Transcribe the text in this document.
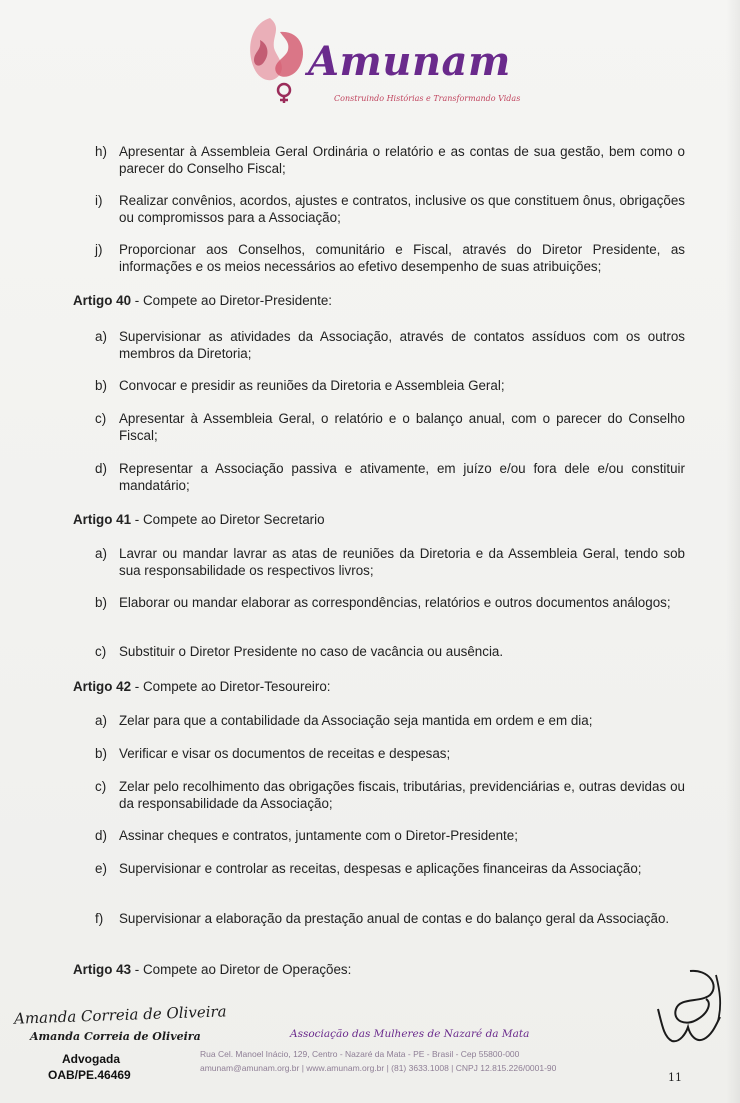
Amunam
Construindo Histórias e Transformando Vidas
h) Apresentar à Assembleia Geral Ordinária o relatório e as contas de sua gestão, bem como o parecer do Conselho Fiscal;
i)	Realizar convênios, acordos, ajustes e contratos, inclusive os que constituem ônus, obrigações ou compromissos para a Associação;
j)	Proporcionar aos Conselhos, comunitário e Fiscal, através do Diretor Presidente, as informações e os meios necessários ao efetivo desempenho de suas atribuições;
Artigo 40 - Compete ao Diretor-Presidente:
a) Supervisionar as atividades da Associação, através de contatos assíduos com os outros membros da Diretoria;
b) Convocar e presidir as reuniões da Diretoria e Assembleia Geral;
c) Apresentar à Assembleia Geral, o relatório e o balanço anual, com o parecer do Conselho Fiscal;
d) Representar a Associação passiva e ativamente, em juízo e/ou fora dele e/ou constituir mandatário;
Artigo 41 - Compete ao Diretor Secretario
a) Lavrar ou mandar lavrar as atas de reuniões da Diretoria e da Assembleia Geral, tendo sob sua responsabilidade os respectivos livros;
b) Elaborar ou mandar elaborar as correspondências, relatórios e outros documentos análogos;
c) Substituir o Diretor Presidente no caso de vacância ou ausência.
Artigo 42 - Compete ao Diretor-Tesoureiro:
a) Zelar para que a contabilidade da Associação seja mantida em ordem e em dia;
b) Verificar e visar os documentos de receitas e despesas;
c) Zelar pelo recolhimento das obrigações fiscais, tributárias, previdenciárias e, outras devidas ou da responsabilidade da Associação;
d) Assinar cheques e contratos, juntamente com o Diretor-Presidente;
e) Supervisionar e controlar as receitas, despesas e aplicações financeiras da Associação;
f)	Supervisionar a elaboração da prestação anual de contas e do balanço geral da Associação.
Artigo 43 - Compete ao Diretor de Operações:
Amanda Correia de Oliveira
Amanda Correia de Oliveira
Advogada
OAB/PE.46469
Associação das Mulheres de Nazaré da Mata
Rua Cel. Manoel Inácio, 129, Centro - Nazaré da Mata - PE - Brasil - Cep 55800-000
amunam@amunam.org.br | www.amunam.org.br | (81) 3633.1008 | CNPJ 12.815.226/0001-90
11
